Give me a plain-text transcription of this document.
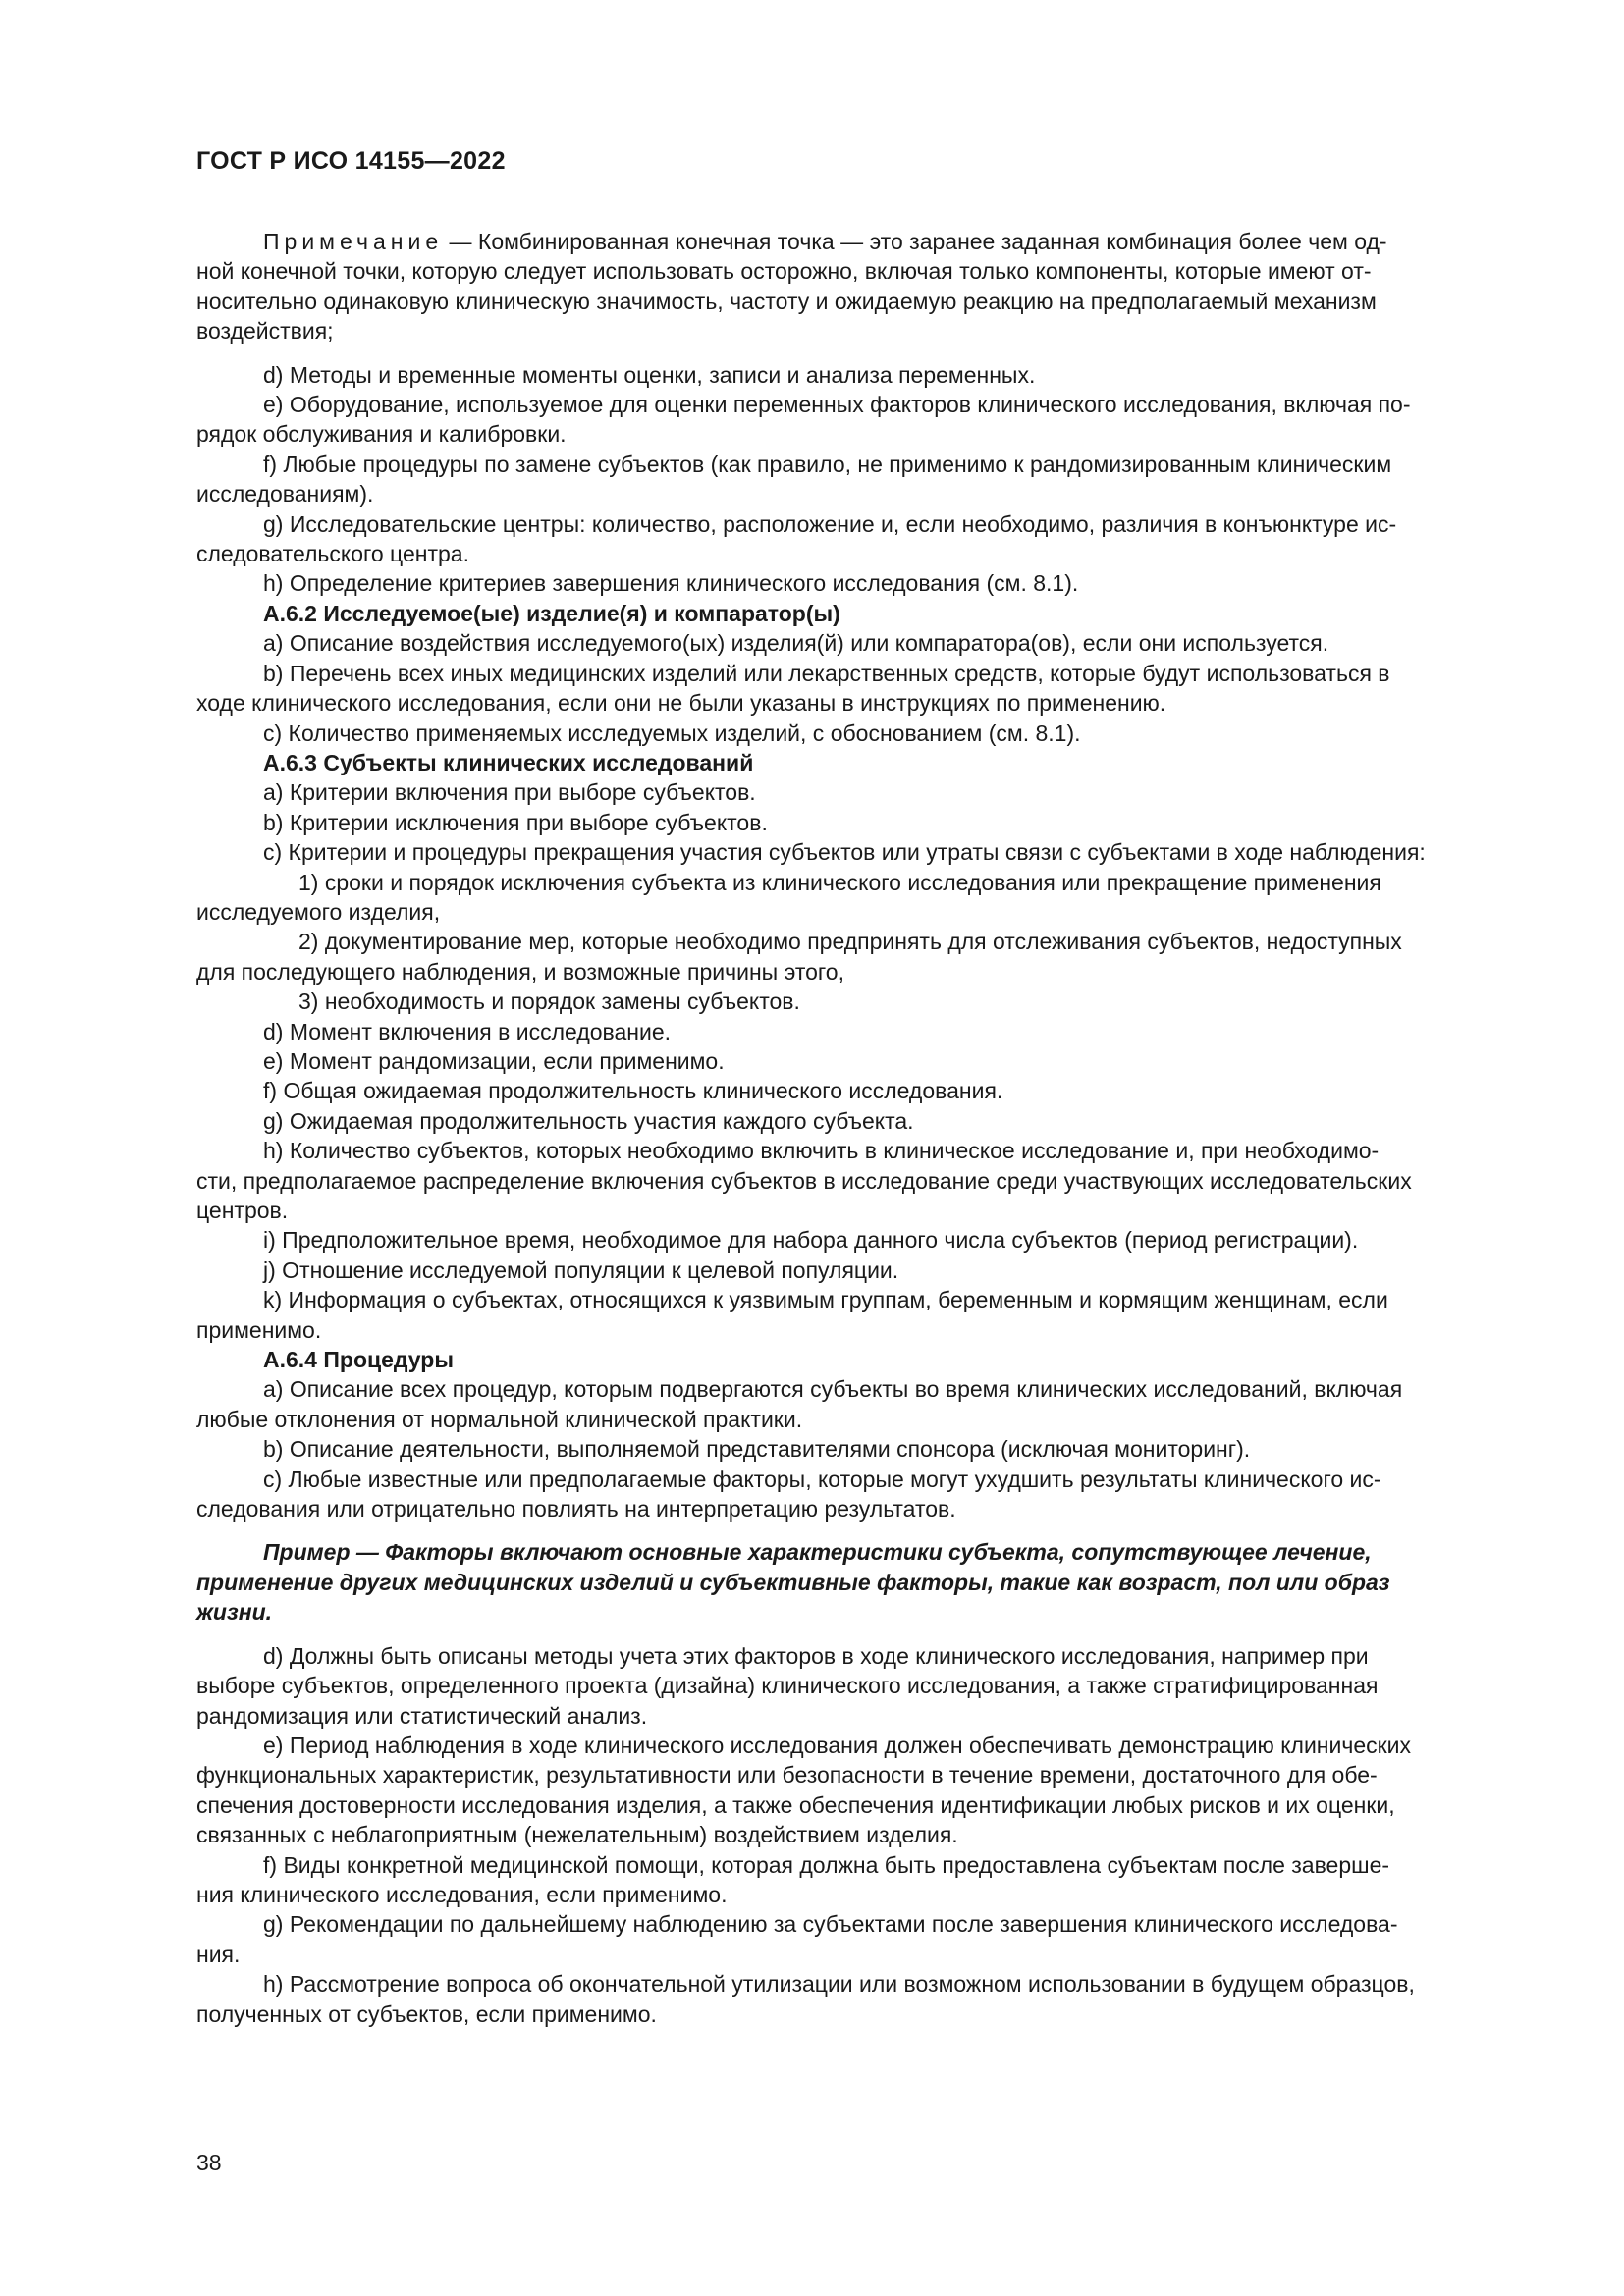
ГОСТ Р ИСО 14155—2022

Примечание — Комбинированная конечная точка — это заранее заданная комбинация более чем од-
ной конечной точки, которую следует использовать осторожно, включая только компоненты, которые имеют от-
носительно одинаковую клиническую значимость, частоту и ожидаемую реакцию на предполагаемый механизм
воздействия;

d) Методы и временные моменты оценки, записи и анализа переменных.

e) Оборудование, используемое для оценки переменных факторов клинического исследования, включая по-
рядок обслуживания и калибровки.

f) Любые процедуры по замене субъектов (как правило, не применимо к рандомизированным клиническим
исследованиям).

g) Исследовательские центры: количество, расположение и, если необходимо, различия в конъюнктуре ис-
следовательского центра.

h) Определение критериев завершения клинического исследования (см. 8.1).

А.6.2 Исследуемое(ые) изделие(я) и компаратор(ы)

a) Описание воздействия исследуемого(ых) изделия(й) или компаратора(ов), если они используется.

b) Перечень всех иных медицинских изделий или лекарственных средств, которые будут использоваться в
ходе клинического исследования, если они не были указаны в инструкциях по применению.

c) Количество применяемых исследуемых изделий, с обоснованием (см. 8.1).

А.6.3 Субъекты клинических исследований

a) Критерии включения при выборе субъектов.

b) Критерии исключения при выборе субъектов.

c) Критерии и процедуры прекращения участия субъектов или утраты связи с субъектами в ходе наблюдения:

1) сроки и порядок исключения субъекта из клинического исследования или прекращение применения
исследуемого изделия,

2) документирование мер, которые необходимо предпринять для отслеживания субъектов, недоступных
для последующего наблюдения, и возможные причины этого,

3) необходимость и порядок замены субъектов.

d) Момент включения в исследование.

e) Момент рандомизации, если применимо.

f) Общая ожидаемая продолжительность клинического исследования.

g) Ожидаемая продолжительность участия каждого субъекта.

h) Количество субъектов, которых необходимо включить в клиническое исследование и, при необходимо-
сти, предполагаемое распределение включения субъектов в исследование среди участвующих исследовательских
центров.

i) Предположительное время, необходимое для набора данного числа субъектов (период регистрации).

j) Отношение исследуемой популяции к целевой популяции.

k) Информация о субъектах, относящихся к уязвимым группам, беременным и кормящим женщинам, если
применимо.

А.6.4 Процедуры

a) Описание всех процедур, которым подвергаются субъекты во время клинических исследований, включая
любые отклонения от нормальной клинической практики.

b) Описание деятельности, выполняемой представителями спонсора (исключая мониторинг).

c) Любые известные или предполагаемые факторы, которые могут ухудшить результаты клинического ис-
следования или отрицательно повлиять на интерпретацию результатов.

Пример — Факторы включают основные характеристики субъекта, сопутствующее лечение,
применение других медицинских изделий и субъективные факторы, такие как возраст, пол или образ
жизни.

d) Должны быть описаны методы учета этих факторов в ходе клинического исследования, например при
выборе субъектов, определенного проекта (дизайна) клинического исследования, а также стратифицированная
рандомизация или статистический анализ.

e) Период наблюдения в ходе клинического исследования должен обеспечивать демонстрацию клинических
функциональных характеристик, результативности или безопасности в течение времени, достаточного для обе-
спечения достоверности исследования изделия, а также обеспечения идентификации любых рисков и их оценки,
связанных с неблагоприятным (нежелательным) воздействием изделия.

f) Виды конкретной медицинской помощи, которая должна быть предоставлена субъектам после заверше-
ния клинического исследования, если применимо.

g) Рекомендации по дальнейшему наблюдению за субъектами после завершения клинического исследова-
ния.

h) Рассмотрение вопроса об окончательной утилизации или возможном использовании в будущем образцов,
полученных от субъектов, если применимо.

38
